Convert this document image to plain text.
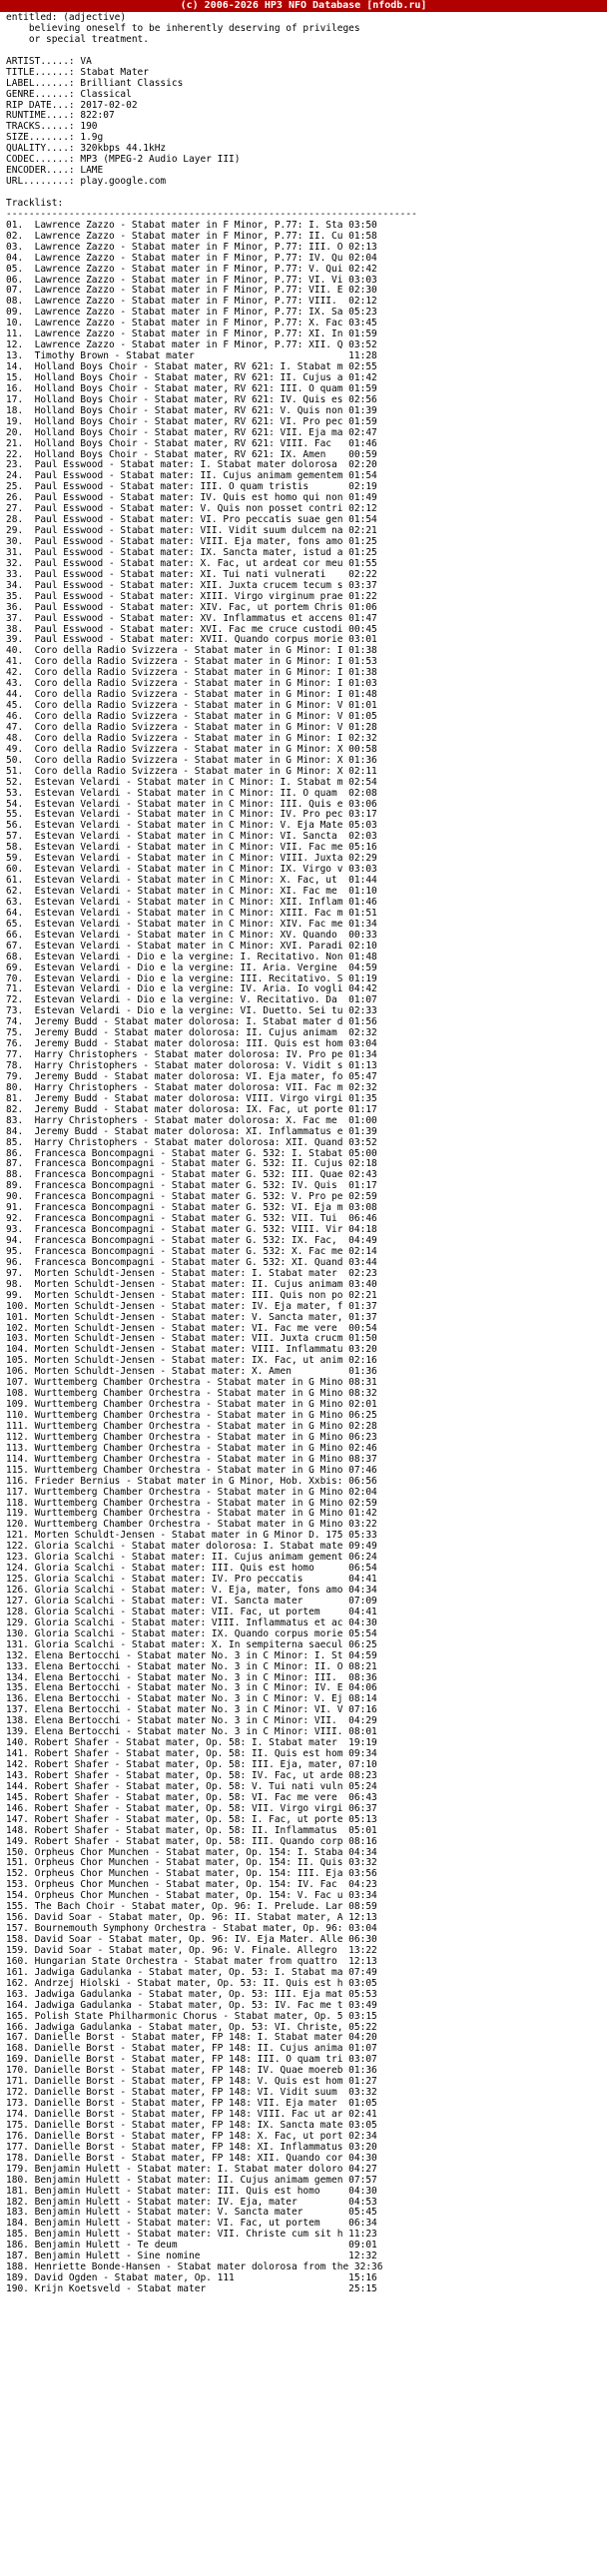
(c) 2006-2026 HP3 NFO Database [nfodb.ru]
entitled: (adjective)
believing oneself to be inherently deserving of privileges
or special treatment.

ARTIST.....: VA
TITLE......: Stabat Mater
LABEL......: Brilliant Classics
GENRE......: Classical
RIP DATE...: 2017-02-02
RUNTIME....: 822:07
TRACKS.....: 190
SIZE.......: 1.9g
QUALITY....: 320kbps 44.1kHz
CODEC......: MP3 (MPEG-2 Audio Layer III)
ENCODER....: LAME
URL........: play.google.com

Tracklist:
------------------------------------------------------------------------
01.  Lawrence Zazzo - Stabat mater in F Minor, P.77: I. Sta 03:50
02.  Lawrence Zazzo - Stabat mater in F Minor, P.77: II. Cu 01:58
03.  Lawrence Zazzo - Stabat mater in F Minor, P.77: III. O 02:13
04.  Lawrence Zazzo - Stabat mater in F Minor, P.77: IV. Qu 02:04
05.  Lawrence Zazzo - Stabat mater in F Minor, P.77: V. Qui 02:42
06.  Lawrence Zazzo - Stabat mater in F Minor, P.77: VI. Vi 03:03
07.  Lawrence Zazzo - Stabat mater in F Minor, P.77: VII. E 02:30
08.  Lawrence Zazzo - Stabat mater in F Minor, P.77: VIII.  02:12
09.  Lawrence Zazzo - Stabat mater in F Minor, P.77: IX. Sa 05:23
10.  Lawrence Zazzo - Stabat mater in F Minor, P.77: X. Fac 03:45
11.  Lawrence Zazzo - Stabat mater in F Minor, P.77: XI. In 01:59
12.  Lawrence Zazzo - Stabat mater in F Minor, P.77: XII. Q 03:52
13.  Timothy Brown - Stabat mater                           11:28
14.  Holland Boys Choir - Stabat mater, RV 621: I. Stabat m 02:55
15.  Holland Boys Choir - Stabat mater, RV 621: II. Cujus a 01:42
16.  Holland Boys Choir - Stabat mater, RV 621: III. O quam 01:59
17.  Holland Boys Choir - Stabat mater, RV 621: IV. Quis es 02:56
18.  Holland Boys Choir - Stabat mater, RV 621: V. Quis non 01:39
19.  Holland Boys Choir - Stabat mater, RV 621: VI. Pro pec 01:59
20.  Holland Boys Choir - Stabat mater, RV 621: VII. Eja ma 02:47
21.  Holland Boys Choir - Stabat mater, RV 621: VIII. Fac   01:46
22.  Holland Boys Choir - Stabat mater, RV 621: IX. Amen    00:59
23.  Paul Esswood - Stabat mater: I. Stabat mater dolorosa  02:20
24.  Paul Esswood - Stabat mater: II. Cujus animam gementem 01:54
25.  Paul Esswood - Stabat mater: III. O quam tristis       02:19
26.  Paul Esswood - Stabat mater: IV. Quis est homo qui non 01:49
27.  Paul Esswood - Stabat mater: V. Quis non posset contri 02:12
28.  Paul Esswood - Stabat mater: VI. Pro peccatis suae gen 01:54
29.  Paul Esswood - Stabat mater: VII. Vidit suum dulcem na 02:21
30.  Paul Esswood - Stabat mater: VIII. Eja mater, fons amo 01:25
31.  Paul Esswood - Stabat mater: IX. Sancta mater, istud a 01:25
32.  Paul Esswood - Stabat mater: X. Fac, ut ardeat cor meu 01:55
33.  Paul Esswood - Stabat mater: XI. Tui nati vulnerati    02:22
34.  Paul Esswood - Stabat mater: XII. Juxta crucem tecum s 03:37
35.  Paul Esswood - Stabat mater: XIII. Virgo virginum prae 01:22
36.  Paul Esswood - Stabat mater: XIV. Fac, ut portem Chris 01:06
37.  Paul Esswood - Stabat mater: XV. Inflammatus et accens 01:47
38.  Paul Esswood - Stabat mater: XVI. Fac me cruce custodi 00:45
39.  Paul Esswood - Stabat mater: XVII. Quando corpus morie 03:01
40.  Coro della Radio Svizzera - Stabat mater in G Minor: I 01:38
41.  Coro della Radio Svizzera - Stabat mater in G Minor: I 01:53
42.  Coro della Radio Svizzera - Stabat mater in G Minor: I 01:38
43.  Coro della Radio Svizzera - Stabat mater in G Minor: I 01:03
44.  Coro della Radio Svizzera - Stabat mater in G Minor: I 01:48
45.  Coro della Radio Svizzera - Stabat mater in G Minor: V 01:01
46.  Coro della Radio Svizzera - Stabat mater in G Minor: V 01:05
47.  Coro della Radio Svizzera - Stabat mater in G Minor: V 01:28
48.  Coro della Radio Svizzera - Stabat mater in G Minor: I 02:32
49.  Coro della Radio Svizzera - Stabat mater in G Minor: X 00:58
50.  Coro della Radio Svizzera - Stabat mater in G Minor: X 01:36
51.  Coro della Radio Svizzera - Stabat mater in G Minor: X 02:11
52.  Estevan Velardi - Stabat mater in C Minor: I. Stabat m 02:54
53.  Estevan Velardi - Stabat mater in C Minor: II. O quam  02:08
54.  Estevan Velardi - Stabat mater in C Minor: III. Quis e 03:06
55.  Estevan Velardi - Stabat mater in C Minor: IV. Pro pec 03:17
56.  Estevan Velardi - Stabat mater in C Minor: V. Eja Mate 05:03
57.  Estevan Velardi - Stabat mater in C Minor: VI. Sancta  02:03
58.  Estevan Velardi - Stabat mater in C Minor: VII. Fac me 05:16
59.  Estevan Velardi - Stabat mater in C Minor: VIII. Juxta 02:29
60.  Estevan Velardi - Stabat mater in C Minor: IX. Virgo v 03:03
61.  Estevan Velardi - Stabat mater in C Minor: X. Fac, ut  01:44
62.  Estevan Velardi - Stabat mater in C Minor: XI. Fac me  01:10
63.  Estevan Velardi - Stabat mater in C Minor: XII. Inflam 01:46
64.  Estevan Velardi - Stabat mater in C Minor: XIII. Fac m 01:51
65.  Estevan Velardi - Stabat mater in C Minor: XIV. Fac me 01:34
66.  Estevan Velardi - Stabat mater in C Minor: XV. Quando  00:33
67.  Estevan Velardi - Stabat mater in C Minor: XVI. Paradi 02:10
68.  Estevan Velardi - Dio e la vergine: I. Recitativo. Non 01:48
69.  Estevan Velardi - Dio e la vergine: II. Aria. Vergine  04:59
70.  Estevan Velardi - Dio e la vergine: III. Recitativo. S 01:19
71.  Estevan Velardi - Dio e la vergine: IV. Aria. Io vogli 04:42
72.  Estevan Velardi - Dio e la vergine: V. Recitativo. Da  01:07
73.  Estevan Velardi - Dio e la vergine: VI. Duetto. Sei tu 02:33
74.  Jeremy Budd - Stabat mater dolorosa: I. Stabat mater d 01:56
75.  Jeremy Budd - Stabat mater dolorosa: II. Cujus animam  02:32
76.  Jeremy Budd - Stabat mater dolorosa: III. Quis est hom 03:04
77.  Harry Christophers - Stabat mater dolorosa: IV. Pro pe 01:34
78.  Harry Christophers - Stabat mater dolorosa: V. Vidit s 01:13
79.  Jeremy Budd - Stabat mater dolorosa: VI. Eja mater, fo 05:47
80.  Harry Christophers - Stabat mater dolorosa: VII. Fac m 02:32
81.  Jeremy Budd - Stabat mater dolorosa: VIII. Virgo virgi 01:35
82.  Jeremy Budd - Stabat mater dolorosa: IX. Fac, ut porte 01:17
83.  Harry Christophers - Stabat mater dolorosa: X. Fac me  01:00
84.  Jeremy Budd - Stabat mater dolorosa: XI. Inflammatus e 01:39
85.  Harry Christophers - Stabat mater dolorosa: XII. Quand 03:52
86.  Francesca Boncompagni - Stabat mater G. 532: I. Stabat 05:00
87.  Francesca Boncompagni - Stabat mater G. 532: II. Cujus 02:18
88.  Francesca Boncompagni - Stabat mater G. 532: III. Quae 02:43
89.  Francesca Boncompagni - Stabat mater G. 532: IV. Quis  01:17
90.  Francesca Boncompagni - Stabat mater G. 532: V. Pro pe 02:59
91.  Francesca Boncompagni - Stabat mater G. 532: VI. Eja m 03:08
92.  Francesca Boncompagni - Stabat mater G. 532: VII. Tui  06:46
93.  Francesca Boncompagni - Stabat mater G. 532: VIII. Vir 04:18
94.  Francesca Boncompagni - Stabat mater G. 532: IX. Fac,  04:49
95.  Francesca Boncompagni - Stabat mater G. 532: X. Fac me 02:14
96.  Francesca Boncompagni - Stabat mater G. 532: XI. Quand 03:44
97.  Morten Schuldt-Jensen - Stabat mater: I. Stabat mater  02:23
98.  Morten Schuldt-Jensen - Stabat mater: II. Cujus animam 03:40
99.  Morten Schuldt-Jensen - Stabat mater: III. Quis non po 02:21
100. Morten Schuldt-Jensen - Stabat mater: IV. Eja mater, f 01:37
101. Morten Schuldt-Jensen - Stabat mater: V. Sancta mater, 01:37
102. Morten Schuldt-Jensen - Stabat mater: VI. Fac me vere  00:54
103. Morten Schuldt-Jensen - Stabat mater: VII. Juxta crucm 01:50
104. Morten Schuldt-Jensen - Stabat mater: VIII. Inflammatu 03:20
105. Morten Schuldt-Jensen - Stabat mater: IX. Fac, ut anim 02:16
106. Morten Schuldt-Jensen - Stabat mater: X. Amen          01:36
107. Wurttemberg Chamber Orchestra - Stabat mater in G Mino 08:31
108. Wurttemberg Chamber Orchestra - Stabat mater in G Mino 08:32
109. Wurttemberg Chamber Orchestra - Stabat mater in G Mino 02:01
110. Wurttemberg Chamber Orchestra - Stabat mater in G Mino 06:25
111. Wurttemberg Chamber Orchestra - Stabat mater in G Mino 02:28
112. Wurttemberg Chamber Orchestra - Stabat mater in G Mino 06:23
113. Wurttemberg Chamber Orchestra - Stabat mater in G Mino 02:46
114. Wurttemberg Chamber Orchestra - Stabat mater in G Mino 08:37
115. Wurttemberg Chamber Orchestra - Stabat mater in G Mino 07:46
116. Frieder Bernius - Stabat mater in G Minor, Hob. Xxbis: 06:56
117. Wurttemberg Chamber Orchestra - Stabat mater in G Mino 02:04
118. Wurttemberg Chamber Orchestra - Stabat mater in G Mino 02:59
119. Wurttemberg Chamber Orchestra - Stabat mater in G Mino 01:42
120. Wurttemberg Chamber Orchestra - Stabat mater in G Mino 03:22
121. Morten Schuldt-Jensen - Stabat mater in G Minor D. 175 05:33
122. Gloria Scalchi - Stabat mater dolorosa: I. Stabat mate 09:49
123. Gloria Scalchi - Stabat mater: II. Cujus animam gement 06:24
124. Gloria Scalchi - Stabat mater: III. Quis est homo      06:54
125. Gloria Scalchi - Stabat mater: IV. Pro peccatis        04:41
126. Gloria Scalchi - Stabat mater: V. Eja, mater, fons amo 04:34
127. Gloria Scalchi - Stabat mater: VI. Sancta mater        07:09
128. Gloria Scalchi - Stabat mater: VII. Fac, ut portem     04:41
129. Gloria Scalchi - Stabat mater: VIII. Inflammatus et ac 04:30
130. Gloria Scalchi - Stabat mater: IX. Quando corpus morie 05:54
131. Gloria Scalchi - Stabat mater: X. In sempiterna saecul 06:25
132. Elena Bertocchi - Stabat mater No. 3 in C Minor: I. St 04:59
133. Elena Bertocchi - Stabat mater No. 3 in C Minor: II. O 08:21
134. Elena Bertocchi - Stabat mater No. 3 in C Minor: III.  08:36
135. Elena Bertocchi - Stabat mater No. 3 in C Minor: IV. E 04:06
136. Elena Bertocchi - Stabat mater No. 3 in C Minor: V. Ej 08:14
137. Elena Bertocchi - Stabat mater No. 3 in C Minor: VI. V 07:16
138. Elena Bertocchi - Stabat mater No. 3 in C Minor: VII.  04:29
139. Elena Bertocchi - Stabat mater No. 3 in C Minor: VIII. 08:01
140. Robert Shafer - Stabat mater, Op. 58: I. Stabat mater  19:19
141. Robert Shafer - Stabat mater, Op. 58: II. Quis est hom 09:34
142. Robert Shafer - Stabat mater, Op. 58: III. Eja, mater, 07:10
143. Robert Shafer - Stabat mater, Op. 58: IV. Fac, ut arde 08:23
144. Robert Shafer - Stabat mater, Op. 58: V. Tui nati vuln 05:24
145. Robert Shafer - Stabat mater, Op. 58: VI. Fac me vere  06:43
146. Robert Shafer - Stabat mater, Op. 58: VII. Virgo virgi 06:37
147. Robert Shafer - Stabat mater, Op. 58: I. Fac, ut porte 05:13
148. Robert Shafer - Stabat mater, Op. 58: II. Inflammatus  05:01
149. Robert Shafer - Stabat mater, Op. 58: III. Quando corp 08:16
150. Orpheus Chor Munchen - Stabat mater, Op. 154: I. Staba 04:34
151. Orpheus Chor Munchen - Stabat mater, Op. 154: II. Quis 03:32
152. Orpheus Chor Munchen - Stabat mater, Op. 154: III. Eja 03:56
153. Orpheus Chor Munchen - Stabat mater, Op. 154: IV. Fac  04:23
154. Orpheus Chor Munchen - Stabat mater, Op. 154: V. Fac u 03:34
155. The Bach Choir - Stabat mater, Op. 96: I. Prelude. Lar 08:59
156. David Soar - Stabat mater, Op. 96: II. Stabat mater, A 12:13
157. Bournemouth Symphony Orchestra - Stabat mater, Op. 96: 03:04
158. David Soar - Stabat mater, Op. 96: IV. Eja Mater. Alle 06:30
159. David Soar - Stabat mater, Op. 96: V. Finale. Allegro  13:22
160. Hungarian State Orchestra - Stabat mater from quattro  12:13
161. Jadwiga Gadulanka - Stabat mater, Op. 53: I. Stabat ma 07:49
162. Andrzej Hiolski - Stabat mater, Op. 53: II. Quis est h 03:05
163. Jadwiga Gadulanka - Stabat mater, Op. 53: III. Eja mat 05:53
164. Jadwiga Gadulanka - Stabat mater, Op. 53: IV. Fac me t 03:49
165. Polish State Philharmonic Chorus - Stabat mater, Op. 5 03:15
166. Jadwiga Gadulanka - Stabat mater, Op. 53: VI. Christe, 05:22
167. Danielle Borst - Stabat mater, FP 148: I. Stabat mater 04:20
168. Danielle Borst - Stabat mater, FP 148: II. Cujus anima 01:07
169. Danielle Borst - Stabat mater, FP 148: III. O quam tri 03:07
170. Danielle Borst - Stabat mater, FP 148: IV. Quae moereb 01:36
171. Danielle Borst - Stabat mater, FP 148: V. Quis est hom 01:27
172. Danielle Borst - Stabat mater, FP 148: VI. Vidit suum  03:32
173. Danielle Borst - Stabat mater, FP 148: VII. Eja mater  01:05
174. Danielle Borst - Stabat mater, FP 148: VIII. Fac ut ar 02:41
175. Danielle Borst - Stabat mater, FP 148: IX. Sancta mate 03:05
176. Danielle Borst - Stabat mater, FP 148: X. Fac, ut port 02:34
177. Danielle Borst - Stabat mater, FP 148: XI. Inflammatus 03:20
178. Danielle Borst - Stabat mater, FP 148: XII. Quando cor 04:30
179. Benjamin Hulett - Stabat mater: I. Stabat mater doloro 04:27
180. Benjamin Hulett - Stabat mater: II. Cujus animam gemen 07:57
181. Benjamin Hulett - Stabat mater: III. Quis est homo     04:30
182. Benjamin Hulett - Stabat mater: IV. Eja, mater         04:53
183. Benjamin Hulett - Stabat mater: V. Sancta mater        05:45
184. Benjamin Hulett - Stabat mater: VI. Fac, ut portem     06:34
185. Benjamin Hulett - Stabat mater: VII. Christe cum sit h 11:23
186. Benjamin Hulett - Te deum                              09:01
187. Benjamin Hulett - Sine nomine                          12:32
188. Henriette Bonde-Hansen - Stabat mater dolorosa from the 32:36
189. David Ogden - Stabat mater, Op. 111                    15:16
190. Krijn Koetsveld - Stabat mater                         25:15
